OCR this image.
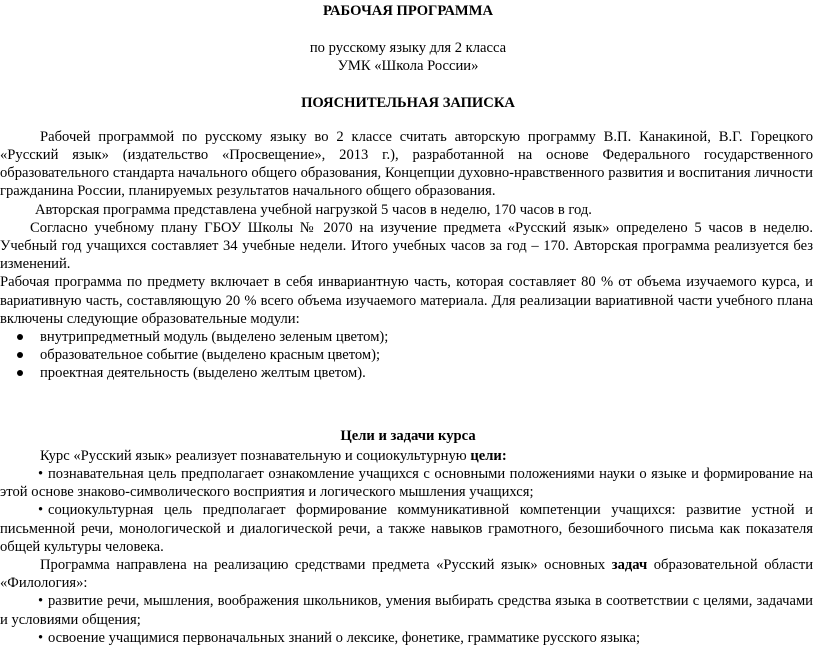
РАБОЧАЯ ПРОГРАММА
по русскому языку для 2 класса
УМК «Школа России»
ПОЯСНИТЕЛЬНАЯ ЗАПИСКА

Рабочей программой по русскому языку во 2 классе считать авторскую программу В.П. Канакиной, В.Г. Горецкого «Русский язык» (издательство «Просвещение», 2013 г.), разработанной на основе Федерального государственного образовательного стандарта начального общего образования, Концепции духовно-нравственного развития и воспитания личности гражданина России, планируемых результатов начального общего образования.

Авторская программа представлена учебной нагрузкой 5 часов в неделю, 170 часов в год.

Согласно учебному плану ГБОУ Школы № 2070 на изучение предмета «Русский язык» определено 5 часов в неделю. Учебный год учащихся составляет 34 учебные недели. Итого учебных часов за год – 170. Авторская программа реализуется без изменений.

Рабочая программа по предмету включает в себя инвариантную часть, которая составляет 80 % от объема изучаемого курса, и вариативную часть, составляющую 20 % всего объема изучаемого материала. Для реализации вариативной части учебного плана включены следующие образовательные модули:

внутрипредметный модуль (выделено зеленым цветом);
образовательное событие (выделено красным цветом);
проектная деятельность (выделено желтым цветом).
Цели и задачи курса

Курс «Русский язык» реализует познавательную и социокультурную цели:

• познавательная цель предполагает ознакомление учащихся с основными положениями науки о языке и формирование на этой основе знаково-символического восприятия и логического мышления учащихся;

• социокультурная цель предполагает формирование коммуникативной компетенции учащихся: развитие устной и письменной речи, монологической и диалогической речи, а также навыков грамотного, безошибочного письма как показателя общей культуры человека.

Программа направлена на реализацию средствами предмета «Русский язык» основных задач образовательной области «Филология»:

• развитие речи, мышления, воображения школьников, умения выбирать средства языка в соответствии с целями, задачами и условиями общения;

• освоение учащимися первоначальных знаний о лексике, фонетике, грамматике русского языка;
